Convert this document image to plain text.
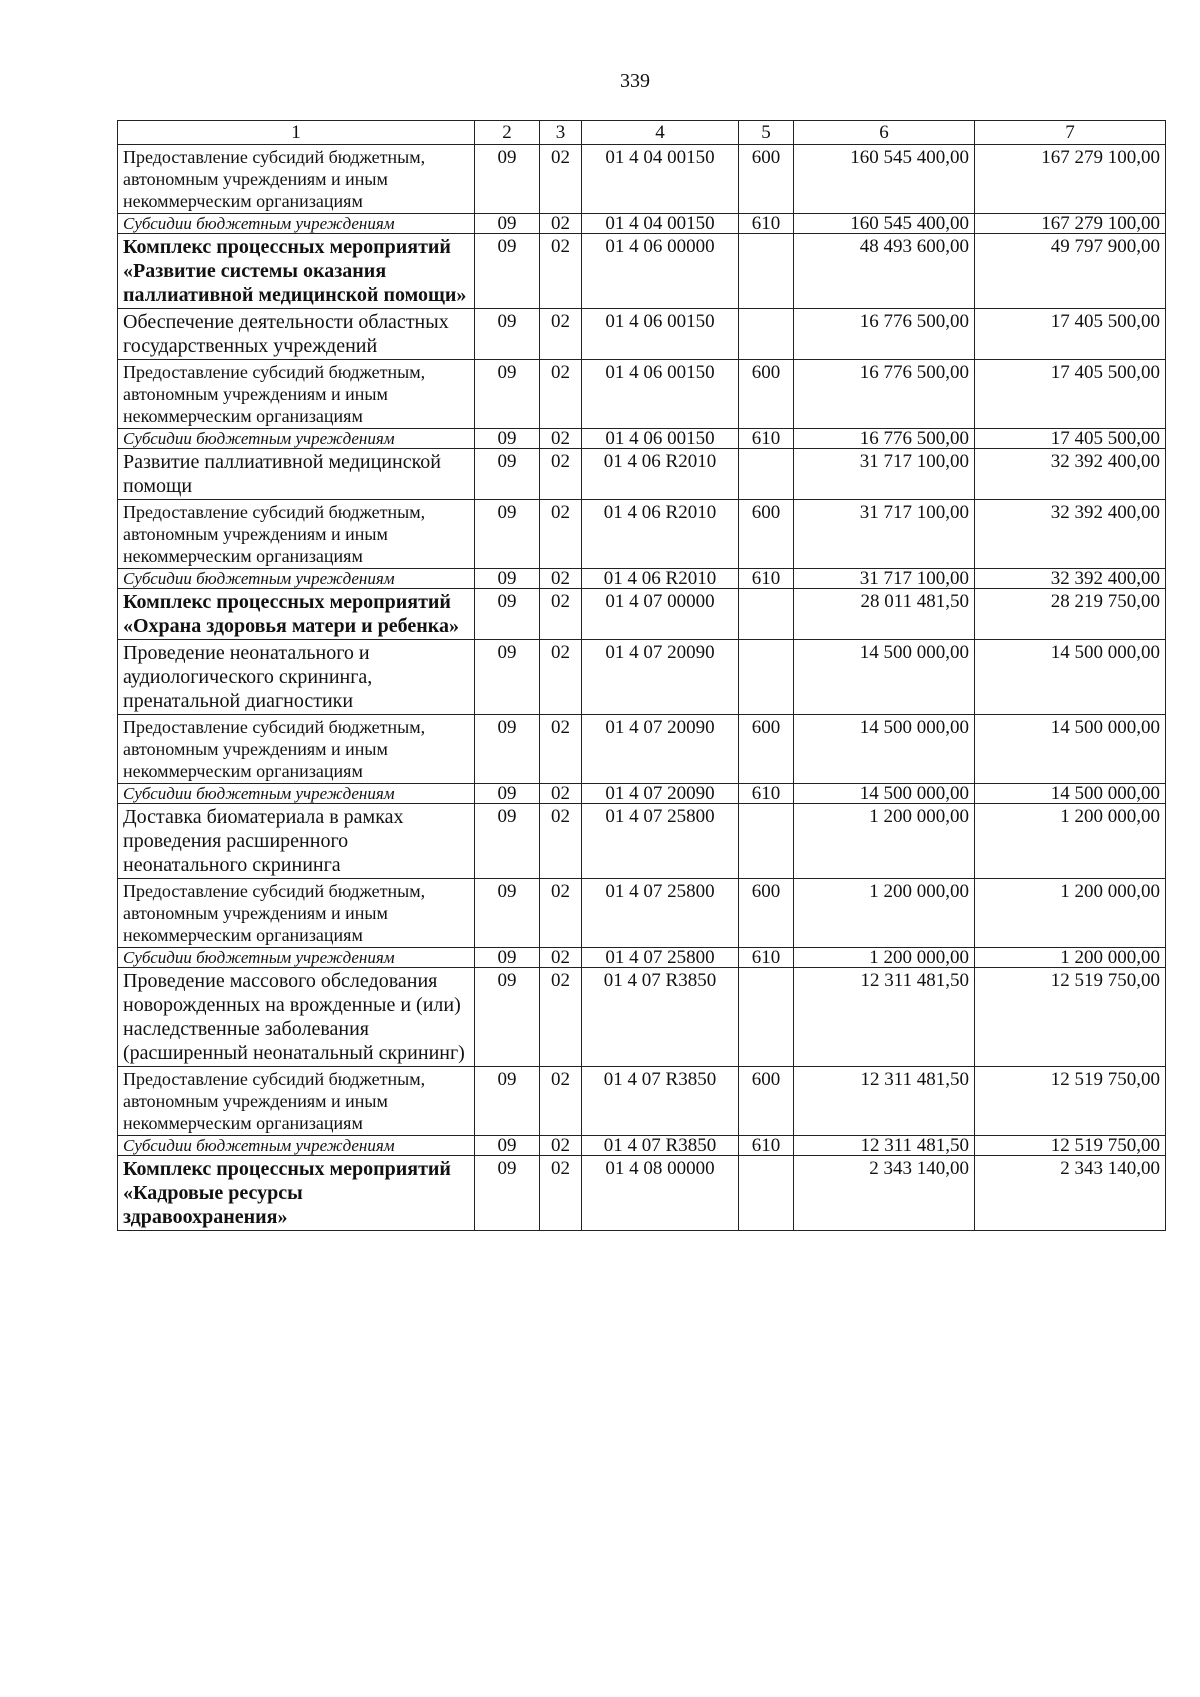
339
1	2	3	4	5	6	7
Предоставление субсидий бюджетным, автономным учреждениям и иным некоммерческим организациям	09	02	01 4 04 00150	600	160 545 400,00	167 279 100,00
Субсидии бюджетным учреждениям	09	02	01 4 04 00150	610	160 545 400,00	167 279 100,00
Комплекс процессных мероприятий «Развитие системы оказания паллиативной медицинской помощи»	09	02	01 4 06 00000		48 493 600,00	49 797 900,00
Обеспечение деятельности областных государственных учреждений	09	02	01 4 06 00150		16 776 500,00	17 405 500,00
Предоставление субсидий бюджетным, автономным учреждениям и иным некоммерческим организациям	09	02	01 4 06 00150	600	16 776 500,00	17 405 500,00
Субсидии бюджетным учреждениям	09	02	01 4 06 00150	610	16 776 500,00	17 405 500,00
Развитие паллиативной медицинской помощи	09	02	01 4 06 R2010		31 717 100,00	32 392 400,00
Предоставление субсидий бюджетным, автономным учреждениям и иным некоммерческим организациям	09	02	01 4 06 R2010	600	31 717 100,00	32 392 400,00
Субсидии бюджетным учреждениям	09	02	01 4 06 R2010	610	31 717 100,00	32 392 400,00
Комплекс процессных мероприятий «Охрана здоровья матери и ребенка»	09	02	01 4 07 00000		28 011 481,50	28 219 750,00
Проведение неонатального и аудиологического скрининга, пренатальной диагностики	09	02	01 4 07 20090		14 500 000,00	14 500 000,00
Предоставление субсидий бюджетным, автономным учреждениям и иным некоммерческим организациям	09	02	01 4 07 20090	600	14 500 000,00	14 500 000,00
Субсидии бюджетным учреждениям	09	02	01 4 07 20090	610	14 500 000,00	14 500 000,00
Доставка биоматериала в рамках проведения расширенного неонатального скрининга	09	02	01 4 07 25800		1 200 000,00	1 200 000,00
Предоставление субсидий бюджетным, автономным учреждениям и иным некоммерческим организациям	09	02	01 4 07 25800	600	1 200 000,00	1 200 000,00
Субсидии бюджетным учреждениям	09	02	01 4 07 25800	610	1 200 000,00	1 200 000,00
Проведение массового обследования новорожденных на врожденные и (или) наследственные заболевания (расширенный неонатальный скрининг)	09	02	01 4 07 R3850		12 311 481,50	12 519 750,00
Предоставление субсидий бюджетным, автономным учреждениям и иным некоммерческим организациям	09	02	01 4 07 R3850	600	12 311 481,50	12 519 750,00
Субсидии бюджетным учреждениям	09	02	01 4 07 R3850	610	12 311 481,50	12 519 750,00
Комплекс процессных мероприятий «Кадровые ресурсы здравоохранения»	09	02	01 4 08 00000		2 343 140,00	2 343 140,00
